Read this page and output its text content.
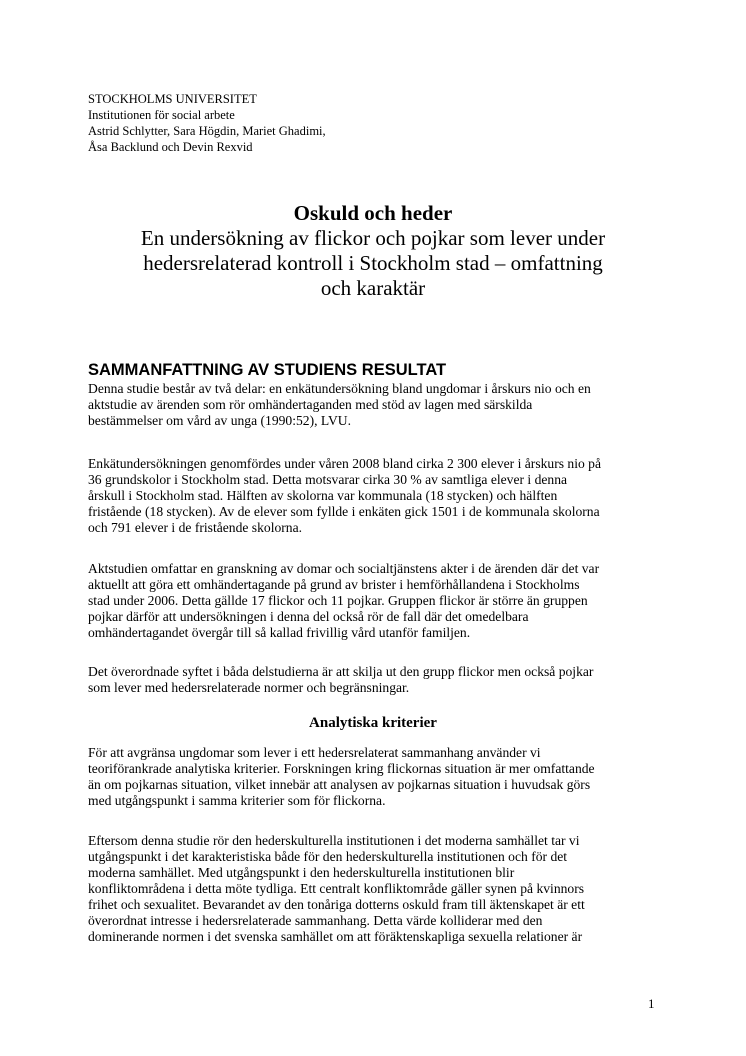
STOCKHOLMS UNIVERSITET
Institutionen för social arbete
Astrid Schlytter, Sara Högdin, Mariet Ghadimi,
Åsa Backlund och Devin Rexvid
Oskuld och heder
En undersökning av flickor och pojkar som lever under
hedersrelaterad kontroll i Stockholm stad – omfattning
och karaktär
SAMMANFATTNING AV STUDIENS RESULTAT
Denna studie består av två delar: en enkätundersökning bland ungdomar i årskurs nio och en
aktstudie av ärenden som rör omhändertaganden med stöd av lagen med särskilda
bestämmelser om vård av unga (1990:52), LVU.
Enkätundersökningen genomfördes under våren 2008 bland cirka 2 300 elever i årskurs nio på
36 grundskolor i Stockholm stad. Detta motsvarar cirka 30 % av samtliga elever i denna
årskull i Stockholm stad. Hälften av skolorna var kommunala (18 stycken) och hälften
fristående (18 stycken). Av de elever som fyllde i enkäten gick 1501 i de kommunala skolorna
och 791 elever i de fristående skolorna.
Aktstudien omfattar en granskning av domar och socialtjänstens akter i de ärenden där det var
aktuellt att göra ett omhändertagande på grund av brister i hemförhållandena i Stockholms
stad under 2006. Detta gällde 17 flickor och 11 pojkar. Gruppen flickor är större än gruppen
pojkar därför att undersökningen i denna del också rör de fall där det omedelbara
omhändertagandet övergår till så kallad frivillig vård utanför familjen.
Det överordnade syftet i båda delstudierna är att skilja ut den grupp flickor men också pojkar
som lever med hedersrelaterade normer och begränsningar.
Analytiska kriterier
För att avgränsa ungdomar som lever i ett hedersrelaterat sammanhang använder vi
teoriförankrade analytiska kriterier. Forskningen kring flickornas situation är mer omfattande
än om pojkarnas situation, vilket innebär att analysen av pojkarnas situation i huvudsak görs
med utgångspunkt i samma kriterier som för flickorna.
Eftersom denna studie rör den hederskulturella institutionen i det moderna samhället tar vi
utgångspunkt i det karakteristiska både för den hederskulturella institutionen och för det
moderna samhället. Med utgångspunkt i den hederskulturella institutionen blir
konfliktområdena i detta möte tydliga. Ett centralt konfliktområde gäller synen på kvinnors
frihet och sexualitet. Bevarandet av den tonåriga dotterns oskuld fram till äktenskapet är ett
överordnat intresse i hedersrelaterade sammanhang. Detta värde kolliderar med den
dominerande normen i det svenska samhället om att föräktenskapliga sexuella relationer är
1
